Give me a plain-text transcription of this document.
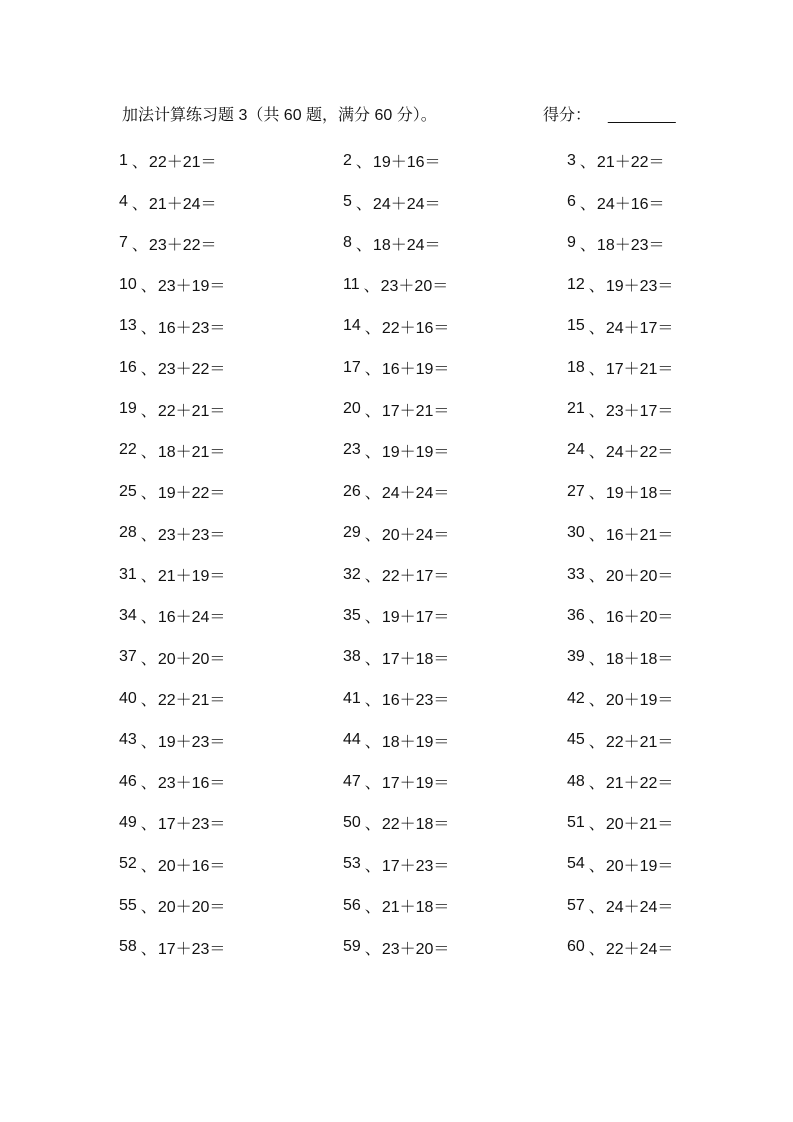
加法计算练习题 3（共 60 题，满分 60 分）。	得分： ________
1 、 22＋21＝	2 、 19＋16＝	3 、 21＋22＝
4 、 21＋24＝	5 、 24＋24＝	6 、 24＋16＝
7 、 23＋22＝	8 、 18＋24＝	9 、 18＋23＝
10 、 23＋19＝	11 、 23＋20＝	12 、 19＋23＝
13 、 16＋23＝	14 、 22＋16＝	15 、 24＋17＝
16 、 23＋22＝	17 、 16＋19＝	18 、 17＋21＝
19 、 22＋21＝	20 、 17＋21＝	21 、 23＋17＝
22 、 18＋21＝	23 、 19＋19＝	24 、 24＋22＝
25 、 19＋22＝	26 、 24＋24＝	27 、 19＋18＝
28 、 23＋23＝	29 、 20＋24＝	30 、 16＋21＝
31 、 21＋19＝	32 、 22＋17＝	33 、 20＋20＝
34 、 16＋24＝	35 、 19＋17＝	36 、 16＋20＝
37 、 20＋20＝	38 、 17＋18＝	39 、 18＋18＝
40 、 22＋21＝	41 、 16＋23＝	42 、 20＋19＝
43 、 19＋23＝	44 、 18＋19＝	45 、 22＋21＝
46 、 23＋16＝	47 、 17＋19＝	48 、 21＋22＝
49 、 17＋23＝	50 、 22＋18＝	51 、 20＋21＝
52 、 20＋16＝	53 、 17＋23＝	54 、 20＋19＝
55 、 20＋20＝	56 、 21＋18＝	57 、 24＋24＝
58 、 17＋23＝	59 、 23＋20＝	60 、 22＋24＝
